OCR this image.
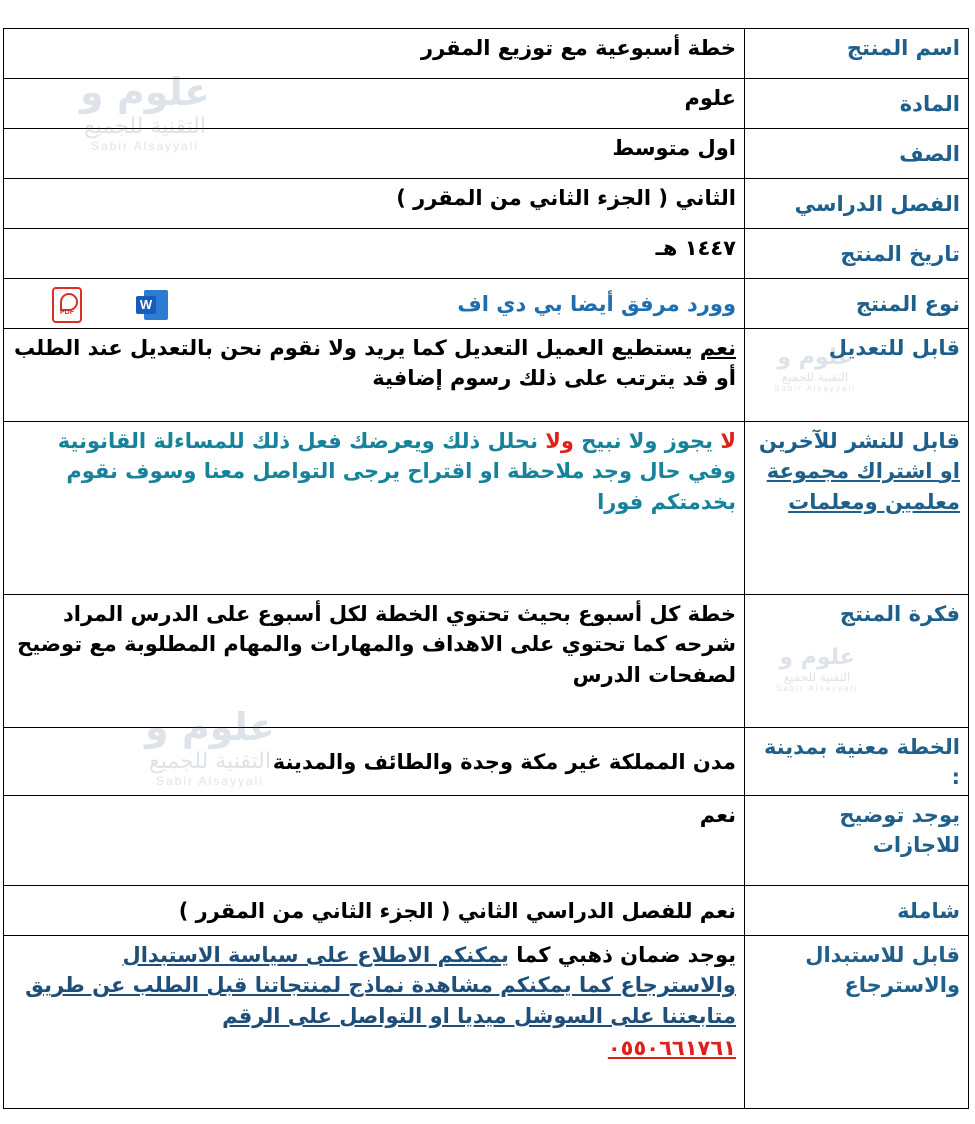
اسم المنتج	خطة أسبوعية مع توزيع المقرر
المادة	علوم
الصف	اول متوسط
الفصل الدراسي	الثاني ( الجزء الثاني من المقرر )
تاريخ المنتج	١٤٤٧ هـ
نوع المنتج	وورد مرفق أيضا بي دي اف
W
PDF

قابل للتعديل	نعم يستطيع العميل التعديل كما يريد ولا نقوم نحن بالتعديل عند الطلب أو قد يترتب على ذلك رسوم إضافية
قابل للنشر للآخرين او اشتراك مجموعة معلمين ومعلمات	لا يجوز ولا نبيح ولا نحلل ذلك ويعرضك فعل ذلك للمساءلة القانونية وفي حال وجد ملاحظة او اقتراح يرجى التواصل معنا وسوف نقوم بخدمتكم فورا
فكرة المنتج	خطة كل أسبوع بحيث تحتوي الخطة لكل أسبوع على الدرس المراد شرحه كما تحتوي على الاهداف والمهارات والمهام المطلوبة مع توضيح لصفحات الدرس
الخطة معنية بمدينة :	مدن المملكة غير مكة وجدة والطائف والمدينة
يوجد توضيح للاجازات	نعم
شاملة	نعم للفصل الدراسي الثاني ( الجزء الثاني من المقرر )
قابل للاستبدال والاسترجاع	يوجد ضمان ذهبي كما يمكنكم الاطلاع على سياسة الاستبدال والاسترجاع كما يمكنكم مشاهدة نماذج لمنتجاتنا قبل الطلب عن طريق متابعتنا على السوشل ميديا او التواصل على الرقم
٠٥٥٠٦٦١٧٦١
علوم و
التقنية للجميع
Sabir Alsayyali
علوم و
التقنية للجميع
Sabir Alsayyali
علوم و
التقنية للجميع
Sabir Alsayyali
علوم و
التقنية للجميع
Sabir Alsayyali
